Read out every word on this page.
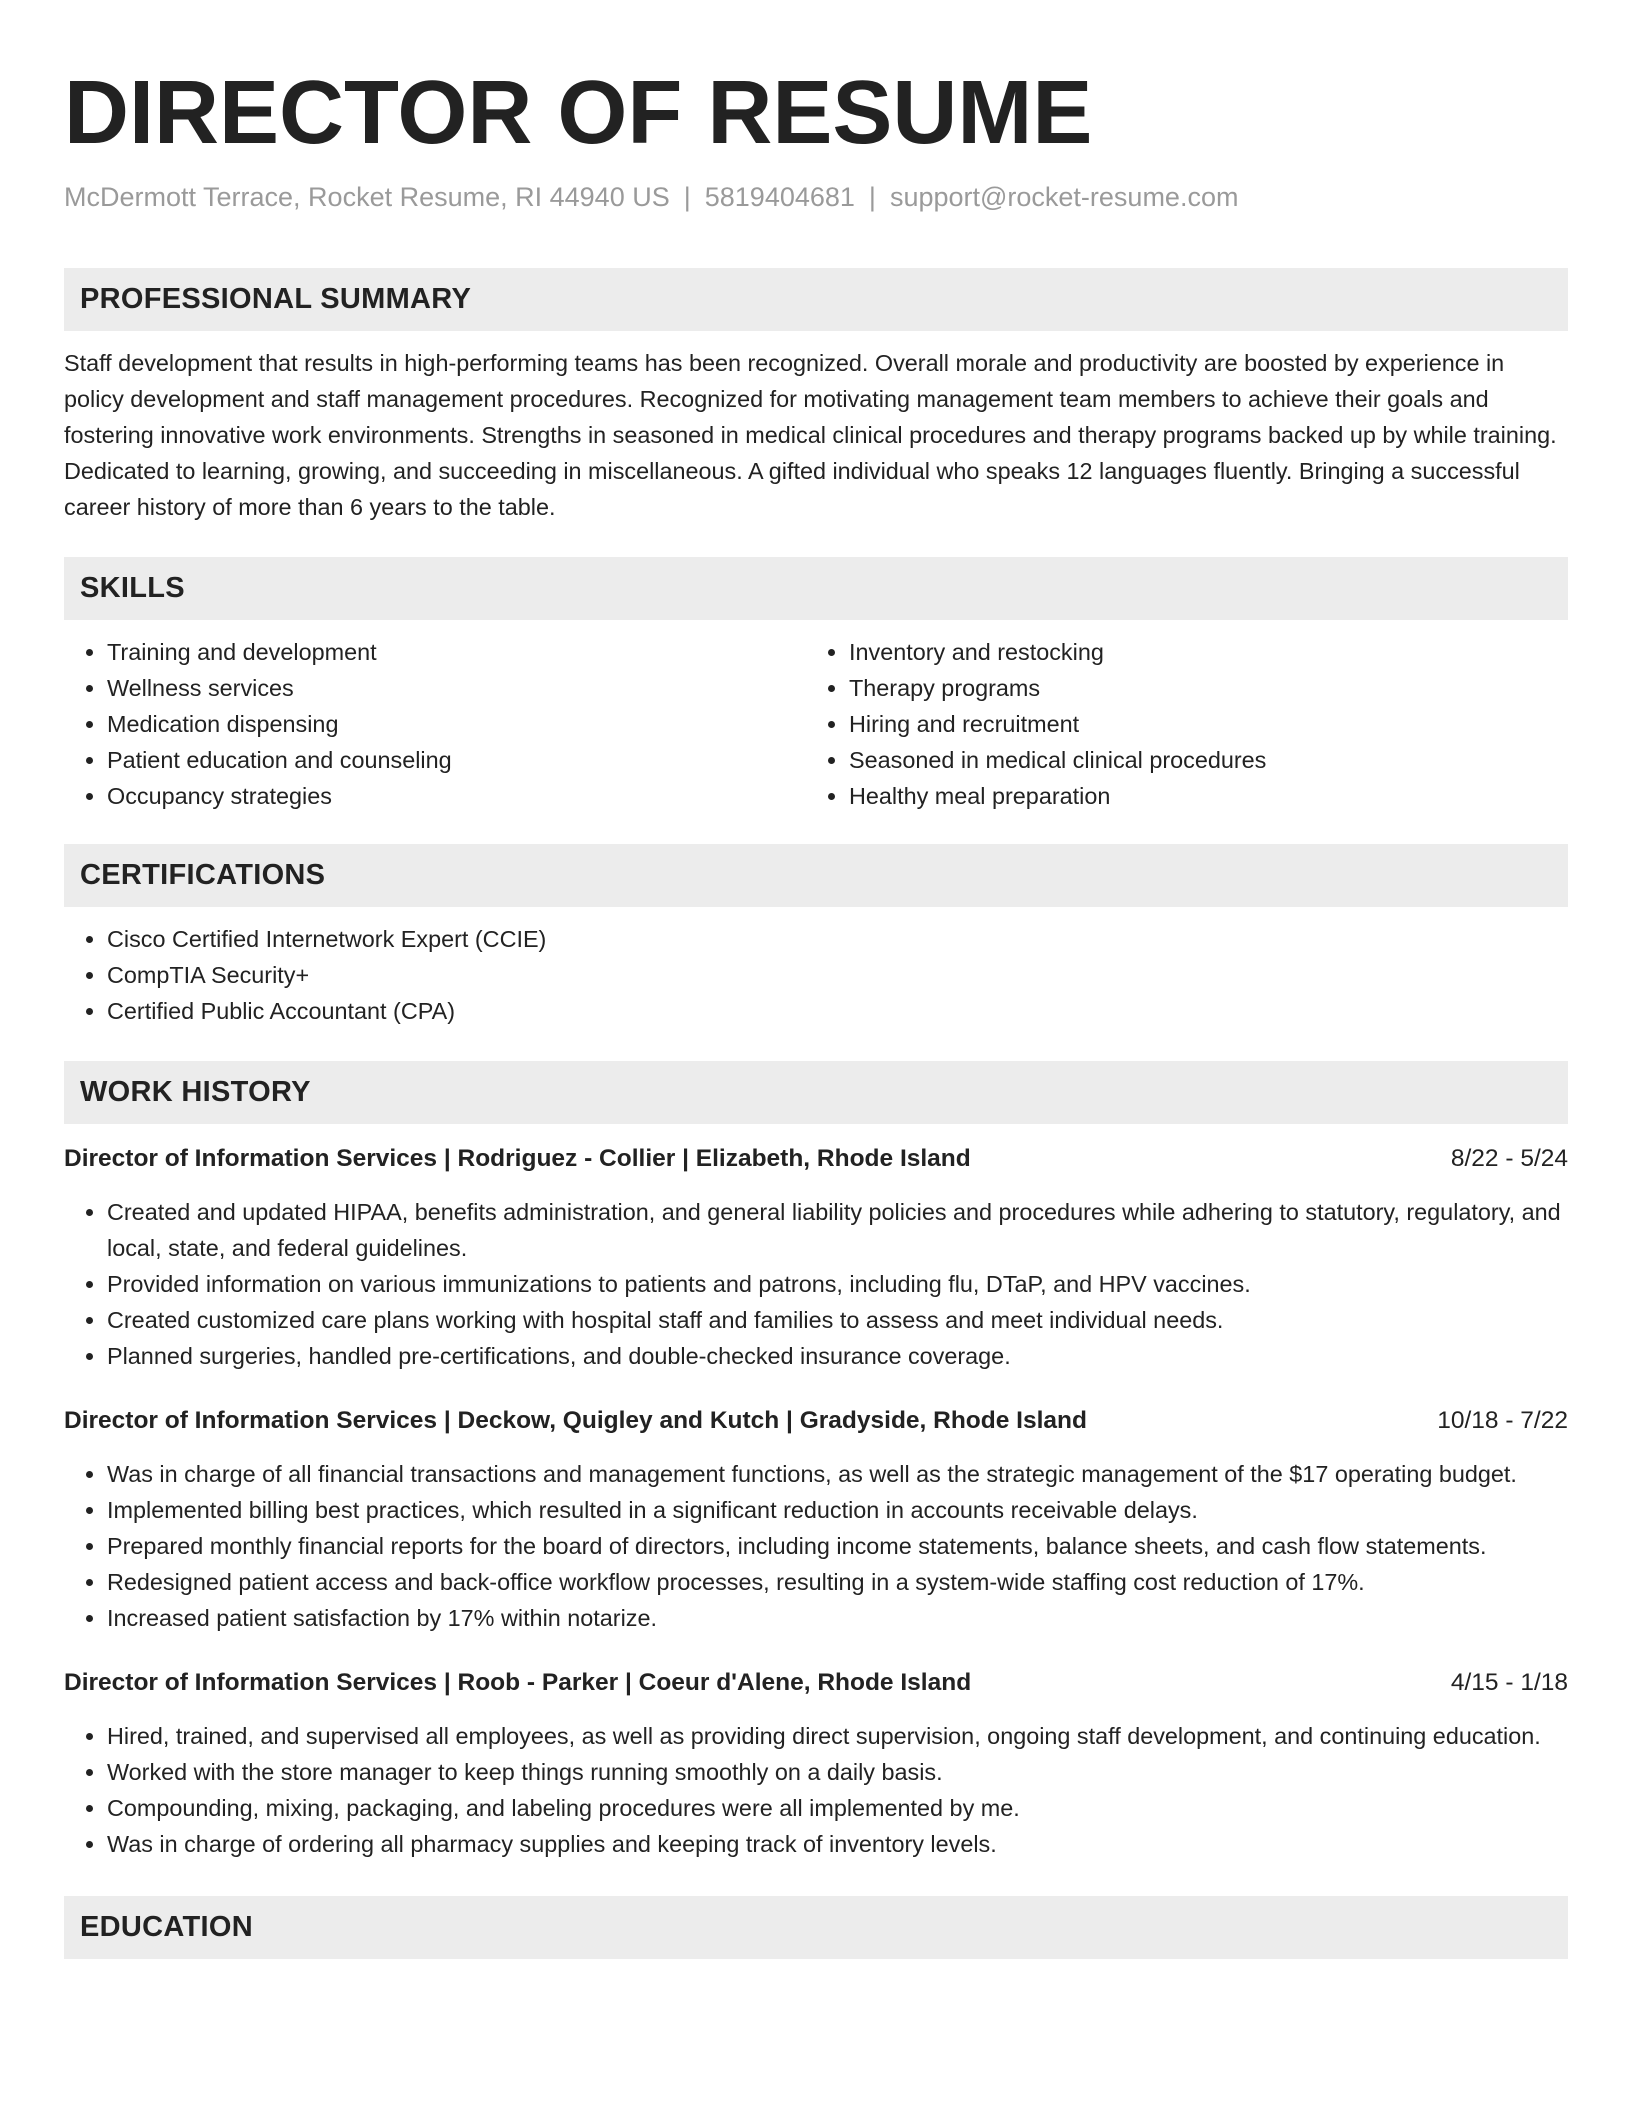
DIRECTOR OF RESUME
McDermott Terrace, Rocket Resume, RI 44940 US | 5819404681 | support@rocket-resume.com
PROFESSIONAL SUMMARY

Staff development that results in high-performing teams has been recognized. Overall morale and productivity are boosted by experience in policy development and staff management procedures. Recognized for motivating management team members to achieve their goals and fostering innovative work environments. Strengths in seasoned in medical clinical procedures and therapy programs backed up by while training. Dedicated to learning, growing, and succeeding in miscellaneous. A gifted individual who speaks 12 languages fluently. Bringing a successful career history of more than 6 years to the table.

SKILLS
• Training and development
• Wellness services
• Medication dispensing
• Patient education and counseling
• Occupancy strategies
• Inventory and restocking
• Therapy programs
• Hiring and recruitment
• Seasoned in medical clinical procedures
• Healthy meal preparation
CERTIFICATIONS
• Cisco Certified Internetwork Expert (CCIE)
• CompTIA Security+
• Certified Public Accountant (CPA)
WORK HISTORY
Director of Information Services | Rodriguez - Collier | Elizabeth, Rhode Island	8/22 - 5/24
• Created and updated HIPAA, benefits administration, and general liability policies and procedures while adhering to statutory, regulatory, and local, state, and federal guidelines.
• Provided information on various immunizations to patients and patrons, including flu, DTaP, and HPV vaccines.
• Created customized care plans working with hospital staff and families to assess and meet individual needs.
• Planned surgeries, handled pre-certifications, and double-checked insurance coverage.
Director of Information Services | Deckow, Quigley and Kutch | Gradyside, Rhode Island	10/18 - 7/22
• Was in charge of all financial transactions and management functions, as well as the strategic management of the $17 operating budget.
• Implemented billing best practices, which resulted in a significant reduction in accounts receivable delays.
• Prepared monthly financial reports for the board of directors, including income statements, balance sheets, and cash flow statements.
• Redesigned patient access and back-office workflow processes, resulting in a system-wide staffing cost reduction of 17%.
• Increased patient satisfaction by 17% within notarize.
Director of Information Services | Roob - Parker | Coeur d'Alene, Rhode Island	4/15 - 1/18
• Hired, trained, and supervised all employees, as well as providing direct supervision, ongoing staff development, and continuing education.
• Worked with the store manager to keep things running smoothly on a daily basis.
• Compounding, mixing, packaging, and labeling procedures were all implemented by me.
• Was in charge of ordering all pharmacy supplies and keeping track of inventory levels.
EDUCATION
